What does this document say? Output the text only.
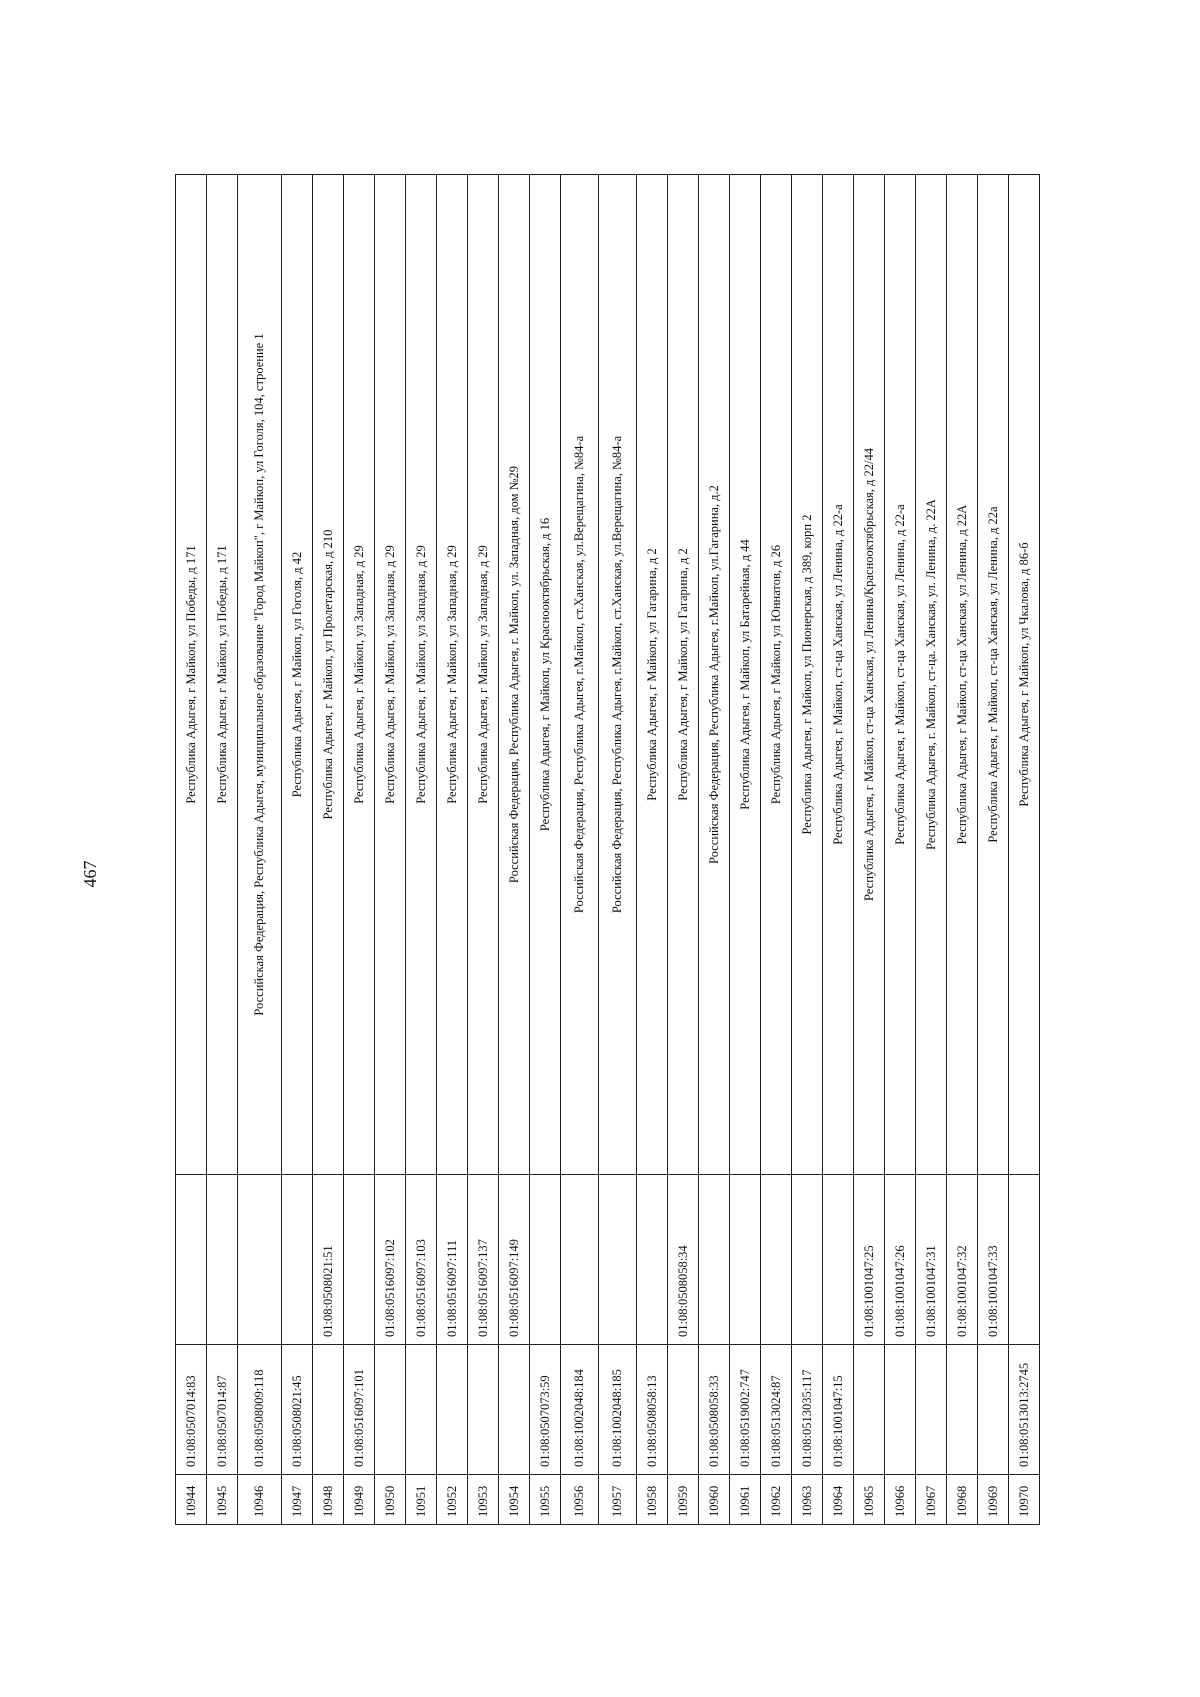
467
10944	01:08:0507014:83		Республика Адыгея, г Майкоп, ул Победы, д 171
10945	01:08:0507014:87		Республика Адыгея, г Майкоп, ул Победы, д 171
10946	01:08:0508009:118		Российская Федерация, Республика Адыгея, муниципальное образование "Город Майкоп", г Майкоп, ул Гоголя, 104, строение 1
10947	01:08:0508021:45		Республика Адыгея, г Майкоп, ул Гоголя, д 42
10948		01:08:0508021:51	Республика Адыгея, г Майкоп, ул Пролетарская, д 210
10949	01:08:0516097:101		Республика Адыгея, г Майкоп, ул Западная, д 29
10950		01:08:0516097:102	Республика Адыгея, г Майкоп, ул Западная, д 29
10951		01:08:0516097:103	Республика Адыгея, г Майкоп, ул Западная, д 29
10952		01:08:0516097:111	Республика Адыгея, г Майкоп, ул Западная, д 29
10953		01:08:0516097:137	Республика Адыгея, г Майкоп, ул Западная, д 29
10954		01:08:0516097:149	Российская Федерация, Республика Адыгея, г. Майкоп, ул. Западная, дом №29
10955	01:08:0507073:59		Республика Адыгея, г Майкоп, ул Краснооктябрьская, д 16
10956	01:08:1002048:184		Российская Федерация, Республика Адыгея, г.Майкоп, ст.Ханская, ул.Верещагина, №84-а
10957	01:08:1002048:185		Российская Федерация, Республика Адыгея, г.Майкоп, ст.Ханская, ул.Верещагина, №84-а
10958	01:08:0508058:13		Республика Адыгея, г Майкоп, ул Гагарина, д 2
10959		01:08:0508058:34	Республика Адыгея, г Майкоп, ул Гагарина, д 2
10960	01:08:0508058:33		Российская Федерация, Республика Адыгея, г.Майкоп, ул.Гагарина, д.2
10961	01:08:0519002:747		Республика Адыгея, г Майкоп, ул Батарейная, д 44
10962	01:08:0513024:87		Республика Адыгея, г Майкоп, ул Юннатов, д 26
10963	01:08:0513035:117		Республика Адыгея, г Майкоп, ул Пионерская, д 389, корп 2
10964	01:08:1001047:15		Республика Адыгея, г Майкоп, ст-ца Ханская, ул Ленина, д 22-а
10965		01:08:1001047:25	Республика Адыгея, г Майкоп, ст-ца Ханская, ул Ленина/Краснооктябрьская, д 22/44
10966		01:08:1001047:26	Республика Адыгея, г Майкоп, ст-ца Ханская, ул Ленина, д 22-а
10967		01:08:1001047:31	Республика Адыгея, г. Майкоп, ст-ца. Ханская, ул. Ленина, д. 22А
10968		01:08:1001047:32	Республика Адыгея, г Майкоп, ст-ца Ханская, ул Ленина, д 22А
10969		01:08:1001047:33	Республика Адыгея, г Майкоп, ст-ца Ханская, ул Ленина, д 22а
10970	01:08:0513013:2745		Республика Адыгея, г Майкоп, ул Чкалова, д 86-б
